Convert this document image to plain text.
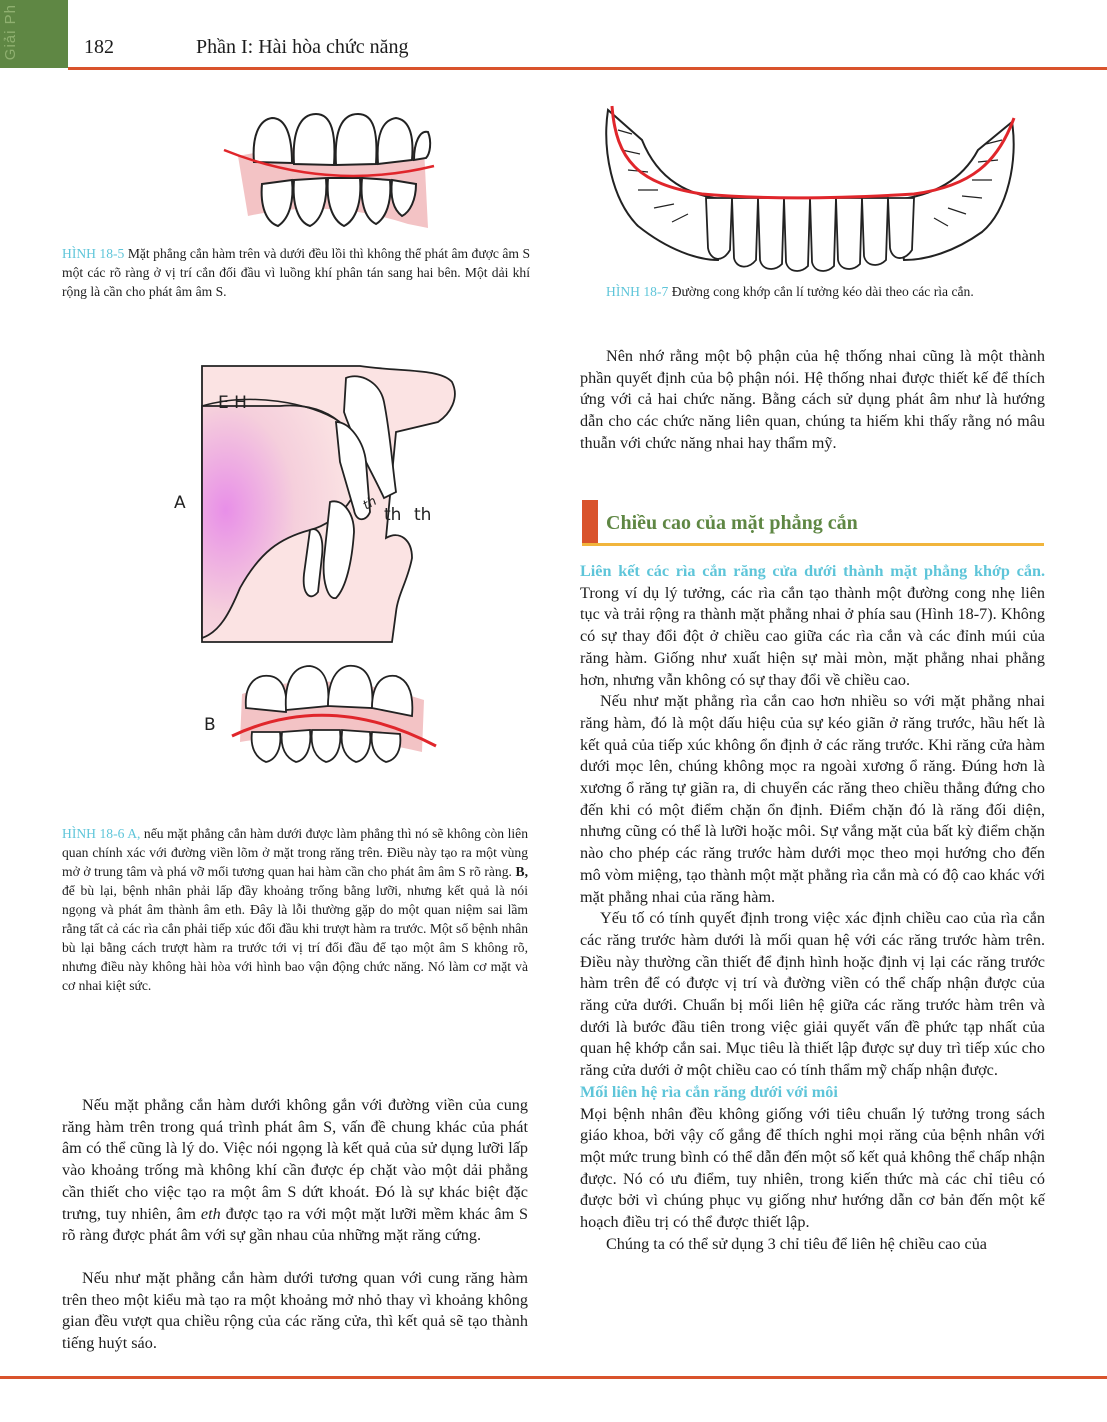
Giải Ph	182	Phần I: Hài hòa chức năng
HÌNH 18-5 Mặt phẳng cắn hàm trên và dưới đều lồi thì không thể phát âm được âm S một các rõ ràng ở vị trí cắn đối đầu vì luồng khí phân tán sang hai bên. Một dải khí rộng là cần cho phát âm âm S.	HÌNH 18-7 Đường cong khớp cắn lí tưởng kéo dài theo các rìa cắn.
E H
A	th
th th
B
HÌNH 18-6 A, nếu mặt phẳng cắn hàm dưới được làm phẳng thì nó sẽ không còn liên quan chính xác với đường viền lõm ở mặt trong răng trên. Điều này tạo ra một vùng mở ở trung tâm và phá vỡ mối tương quan hai hàm cần cho phát âm âm S rõ ràng. B, để bù lại, bệnh nhân phải lấp đầy khoảng trống bằng lưỡi, nhưng kết quả là nói ngọng và phát âm thành âm eth. Đây là lỗi thường gặp do một quan niệm sai lầm rằng tất cả các rìa cắn phải tiếp xúc đối đầu khi trượt hàm ra trước. Một số bệnh nhân bù lại bằng cách trượt hàm ra trước tới vị trí đối đầu để tạo một âm S không rõ, nhưng điều này không hài hòa với hình bao vận động chức năng. Nó làm cơ mặt và cơ nhai kiệt sức.

Nếu mặt phẳng cắn hàm dưới không gắn với đường viền của cung răng hàm trên trong quá trình phát âm S, vấn đề chung khác của phát âm có thể cũng là lý do. Việc nói ngọng là kết quả của sử dụng lưỡi lấp vào khoảng trống mà không khí cần được ép chặt vào một dải phẳng cần thiết cho việc tạo ra một âm S dứt khoát. Đó là sự khác biệt đặc trưng, tuy nhiên, âm eth được tạo ra với một mặt lưỡi mềm khác âm S rõ ràng được phát âm với sự gần nhau của những mặt răng cứng.

Nếu như mặt phẳng cắn hàm dưới tương quan với cung răng hàm trên theo một kiểu mà tạo ra một khoảng mở nhỏ thay vì khoảng không gian đều vượt qua chiều rộng của các răng cửa, thì kết quả sẽ tạo thành tiếng huýt sáo.

Nên nhớ rằng một bộ phận của hệ thống nhai cũng là một thành phần quyết định của bộ phận nói. Hệ thống nhai được thiết kế để thích ứng với cả hai chức năng. Bằng cách sử dụng phát âm như là hướng dẫn cho các chức năng liên quan, chúng ta hiếm khi thấy rằng nó mâu thuẫn với chức năng nhai hay thẩm mỹ.

Chiều cao của mặt phẳng cắn

Liên kết các rìa cắn răng cửa dưới thành mặt phẳng khớp cắn. Trong ví dụ lý tưởng, các rìa cắn tạo thành một đường cong nhẹ liên tục và trải rộng ra thành mặt phẳng nhai ở phía sau (Hình 18-7). Không có sự thay đổi đột ở chiều cao giữa các rìa cắn và các đỉnh múi của răng hàm. Giống như xuất hiện sự mài mòn, mặt phẳng nhai phẳng hơn, nhưng vẫn không có sự thay đổi về chiều cao.

Nếu như mặt phẳng rìa cắn cao hơn nhiều so với mặt phẳng nhai răng hàm, đó là một dấu hiệu của sự kéo giãn ở răng trước, hầu hết là kết quả của tiếp xúc không ổn định ở các răng trước. Khi răng cửa hàm dưới mọc lên, chúng không mọc ra ngoài xương ổ răng. Đúng hơn là xương ổ răng tự giãn ra, di chuyển các răng theo chiều thẳng đứng cho đến khi có một điểm chặn ổn định. Điểm chặn đó là răng đối diện, nhưng cũng có thể là lưỡi hoặc môi. Sự vắng mặt của bất kỳ điểm chặn nào cho phép các răng trước hàm dưới mọc theo mọi hướng cho đến mô vòm miệng, tạo thành một mặt phẳng rìa cắn mà có độ cao khác với mặt phẳng nhai của răng hàm.

Yếu tố có tính quyết định trong việc xác định chiều cao của rìa cắn các răng trước hàm dưới là mối quan hệ với các răng trước hàm trên. Điều này thường cần thiết để định hình hoặc định vị lại các răng trước hàm trên để có được vị trí và đường viền có thể chấp nhận được của răng cửa dưới. Chuẩn bị mối liên hệ giữa các răng trước hàm trên và dưới là bước đầu tiên trong việc giải quyết vấn đề phức tạp nhất của quan hệ khớp cắn sai. Mục tiêu là thiết lập được sự duy trì tiếp xúc cho răng cửa dưới ở một chiều cao có tính thẩm mỹ chấp nhận được.

Mối liên hệ rìa cắn răng dưới với môi
Mọi bệnh nhân đều không giống với tiêu chuẩn lý tưởng trong sách giáo khoa, bởi vậy cố gắng để thích nghi mọi răng của bệnh nhân với một mức trung bình có thể dẫn đến một số kết quả không thể chấp nhận được. Nó có ưu điểm, tuy nhiên, trong kiến thức mà các chỉ tiêu có được bởi vì chúng phục vụ giống như hướng dẫn cơ bản đến một kế hoạch điều trị có thể được thiết lập.

Chúng ta có thể sử dụng 3 chỉ tiêu để liên hệ chiều cao của
